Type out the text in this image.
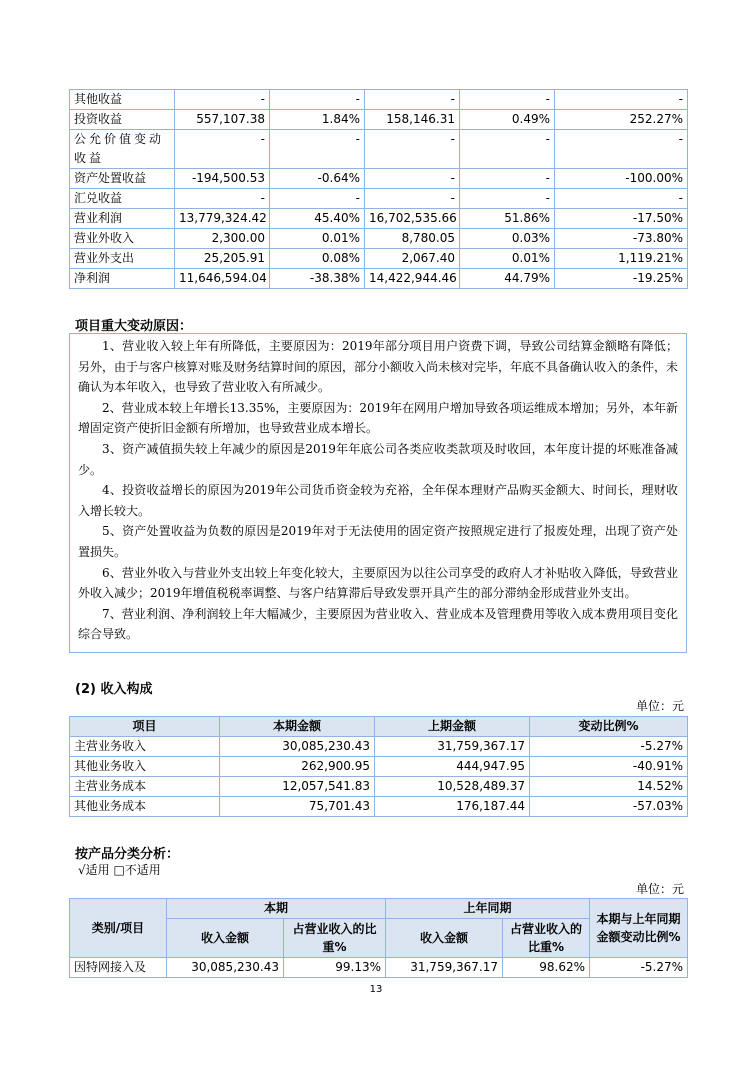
其他收益	-	-	-	-	-
投资收益	557,107.38	1.84%	158,146.31	0.49%	252.27%
公允价值变动收益	-	-	-	-	-
资产处置收益	-194,500.53	-0.64%	-	-	-100.00%
汇兑收益	-	-	-	-	-
营业利润	13,779,324.42	45.40%	16,702,535.66	51.86%	-17.50%
营业外收入	2,300.00	0.01%	8,780.05	0.03%	-73.80%
营业外支出	25,205.91	0.08%	2,067.40	0.01%	1,119.21%
净利润	11,646,594.04	-38.38%	14,422,944.46	44.79%	-19.25%
项目重大变动原因：

1、营业收入较上年有所降低，主要原因为：2019年部分项目用户资费下调，导致公司结算金额略有降低；另外，由于与客户核算对账及财务结算时间的原因，部分小额收入尚未核对完毕，年底不具备确认收入的条件，未确认为本年收入，也导致了营业收入有所减少。

2、营业成本较上年增长13.35%，主要原因为：2019年在网用户增加导致各项运维成本增加；另外，本年新增固定资产使折旧金额有所增加，也导致营业成本增长。

3、资产减值损失较上年减少的原因是2019年年底公司各类应收类款项及时收回，本年度计提的坏账准备减少。

4、投资收益增长的原因为2019年公司货币资金较为充裕，全年保本理财产品购买金额大、时间长，理财收入增长较大。

5、资产处置收益为负数的原因是2019年对于无法使用的固定资产按照规定进行了报废处理，出现了资产处置损失。

6、营业外收入与营业外支出较上年变化较大，主要原因为以往公司享受的政府人才补贴收入降低，导致营业外收入减少；2019年增值税税率调整、与客户结算滞后导致发票开具产生的部分滞纳金形成营业外支出。

7、营业利润、净利润较上年大幅减少，主要原因为营业收入、营业成本及管理费用等收入成本费用项目变化综合导致。

(2) 收入构成
单位：元
项目	本期金额	上期金额	变动比例%
主营业务收入	30,085,230.43	31,759,367.17	-5.27%
其他业务收入	262,900.95	444,947.95	-40.91%
主营业务成本	12,057,541.83	10,528,489.37	14.52%
其他业务成本	75,701.43	176,187.44	-57.03%
按产品分类分析：
√适用 □不适用
单位：元
类别/项目	本期		上年同期		本期与上年同期金额变动比例%
	收入金额	占营业收入的比重%	收入金额	占营业收入的比重%	
因特网接入及	30,085,230.43	99.13%	31,759,367.17	98.62%	-5.27%
13
